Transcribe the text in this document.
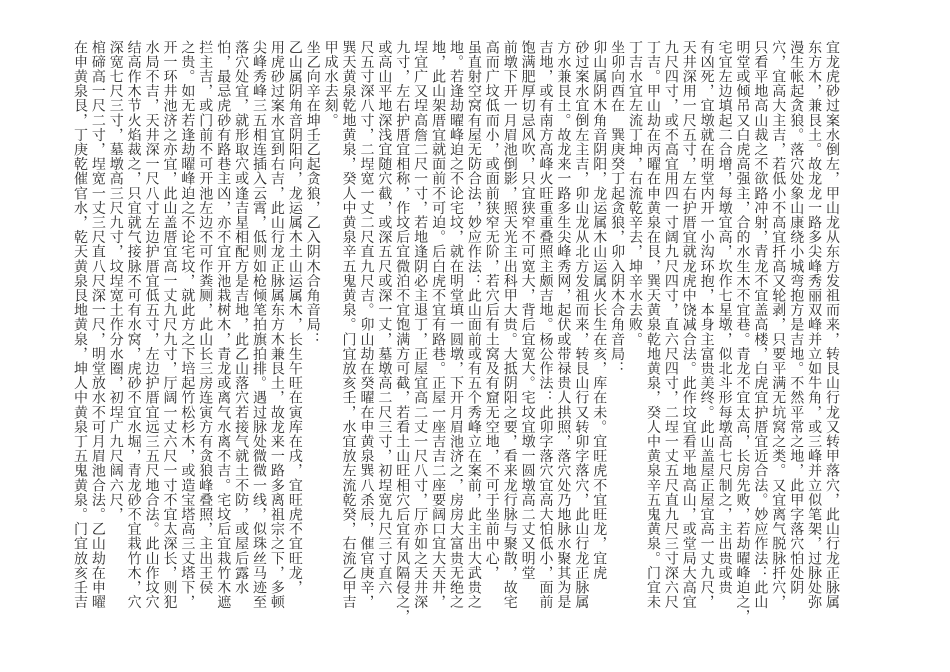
宜龙虎砂过案水倒左，甲山龙从东方发祖而来，转艮山行龙又转甲落穴，此山行龙正脉属
东方木，兼艮土。故龙龙一路多尖峰秀丽双峰并立如牛角，或三峰并立似笔架，过脉处弥
漫生帐起贪狼。落穴处象山康绕小城弯抱方是吉地。不然平常之地，此甲字落穴怕处阴
穴，宜高大主吉，若低小不高宜扦高又轮剥，只要平满无坑窝之类。又宜离气脱脉扦穴，
只看平地高山裁之不欲路冲射，青龙不宜盖高楼，白虎宜护厝宜近合法。妙应作法：此山
明堂或倾吊又白虎高强主，合的水生木不宜巷。青龙不宜太高，长房先败，若劫曜峰迫之，
宅宜左边填起二合增，每墩宜高，坎作七星墩，似北斗形每墩高七尺制之，主出贵或贵
有凶死，宜墩就在明堂内开一小沟环抱，本身主富贵美终。此山盖屋正屋宜高一丈九尺，
天井深用一尺五寸，左右护厝宜就龙虎中饶减合法。此作坟宜看平地高山，或堂局大高宜
九尺四寸，或不高宜用四一寸阔九尺四寸，直六尺四寸，二埕一丈五尺直九尺三寸深六尺
丁吉。甲山劫在丙曜在申黄泉在艮，巽天黄泉乾地黄泉，癸人中黄泉辛五鬼黄泉。门宜未
丁吉水宜左流丁坤，右流乾辛去，坤辛水去败。
坐卯向酉在　巽庚癸丁起贪狼，卯入阴木合角音局：
卯山属阴木角音阴阳，龙运属木山运属火长生在亥，库在未。宜旺虎不宜旺龙，宜虎
砂过案水宜倒左主吉，卯山龙从北方发祖而来，转艮山行又转卯字落穴，此山行龙正脉属
方水兼艮土。故龙来一路多生尖峰秀网，起伏或带禄贵人拱照，落穴处乃地脉水聚其为是
吉地，或有南方高峰火旺重重叠照主颇吉地。杨公作法：此卯字落穴宜高大怕低小，面前
饱满肥厚切忌风吹，只宜狭窄不可宽大，背后宜宽大。宅坟宜墩一圆墩高二丈又明堂
前墩下开一月眉池倒影，照天光主出科甲大贵。大抵阴阳之要，看来龙行脉与聚散，故宅
高而广坟低而小，或面前狭窄无阶，若穴后有土窝及有窟无空地，不可于坐前中心，
虽直射空窝有屋无防合法，妙应作法：此山面前或有五个秀峰立在案前，此主出大武贵之
地。若逢劫曜峰迫之不论宅坟，就在明堂填一圆墩，下开月眉池济之，房房大富贵无绝之
地，此山架厝宜就面前不可迫。后白虎不宜有路巷。正屋一座吉吉二座要阔口宜大天井，
埕宜广又埕高詹二尺一寸，若地逢阴必主退丁，正屋宜高二丈一尺八寸，厅亦如之天井深
九寸，左右护厝宜相称，作坟后宜微泊不宜饱满方可截，若看土山旺相穴后宜有风隔侵之，
或高山平地深浅宜随穴截，或深五尺或深一丈，墓墩高二尺三寸，初埕宽九尺三寸直六
尺五寸深八寸，二埕宽一丈二尺直九尺吉。卯山劫在癸曜在申黄泉巽八杀辰，催官庚辛，
巽天黄泉乾地黄泉，癸人中黄泉辛五鬼黄泉。门宜放亥壬，水宜放左流乾癸，右流乙甲吉
甲成水去刻。
坐乙向辛在坤壬乙起贪狼，乙入阴木合角音局：
乙山属阴角音阴阳向，龙运属木土山运属木，长生午旺在寅库在戌，宜旺虎不宜旺龙，
用虎砂过案水宜到右吉，此山行龙正脉属东方木兼艮土，故龙来一路多离祖宗之下，多顿
尖峰秀峰三五相连插入云霄，低则如枪倾笔拍旗拍排。遇过脉处微微一线，似珠丝马迹至
落穴处宜，就形取穴或逢吉星相配方是吉地，此乙山落穴若接气就土不防，或屋后露水
怕，最忌虎砂有路巷主凶，亦不宜开池栽树木，青龙或离气水离不吉。宅坟后宜栽竹木遮
拦主吉，或门前不可开池左边不可作粪厕，此山长三房连寅方有贪狼峰叠照，主出王侯
之贵。如无若逢劫曜峰迫之不论宅坟，就此方之下培起竹松杉木，或造宝塔高三丈塔下，
开一环井池济之亦宜，此山盖厝宜高一丈九尺九寸，厅阔一丈六尺一寸不宜太深长，则犯
水局不吉，天井深一尺八寸左边护厝宜低五寸，左边护厝宜远三五尺地合法。此山作坟穴
结高作木节火焰裁之，只宜就气接脉不可有水窝，虎砂不宜水堀，青龙砂不宜栽竹木，穴
深宽七尺三寸，墓墩高三尺九寸，坟埕宽土作分水圈，初埕广九尺阔六尺，
棺碲高一尺二寸，埕宽一丈三尺直八尺深一尺，明堂放水不可月眉池合法。乙山劫在申曜
在申黄泉艮，丁庚乾催官水，乾天黄泉艮地黄泉，坤人中黄泉丁五鬼黄泉。门宜放亥壬吉
